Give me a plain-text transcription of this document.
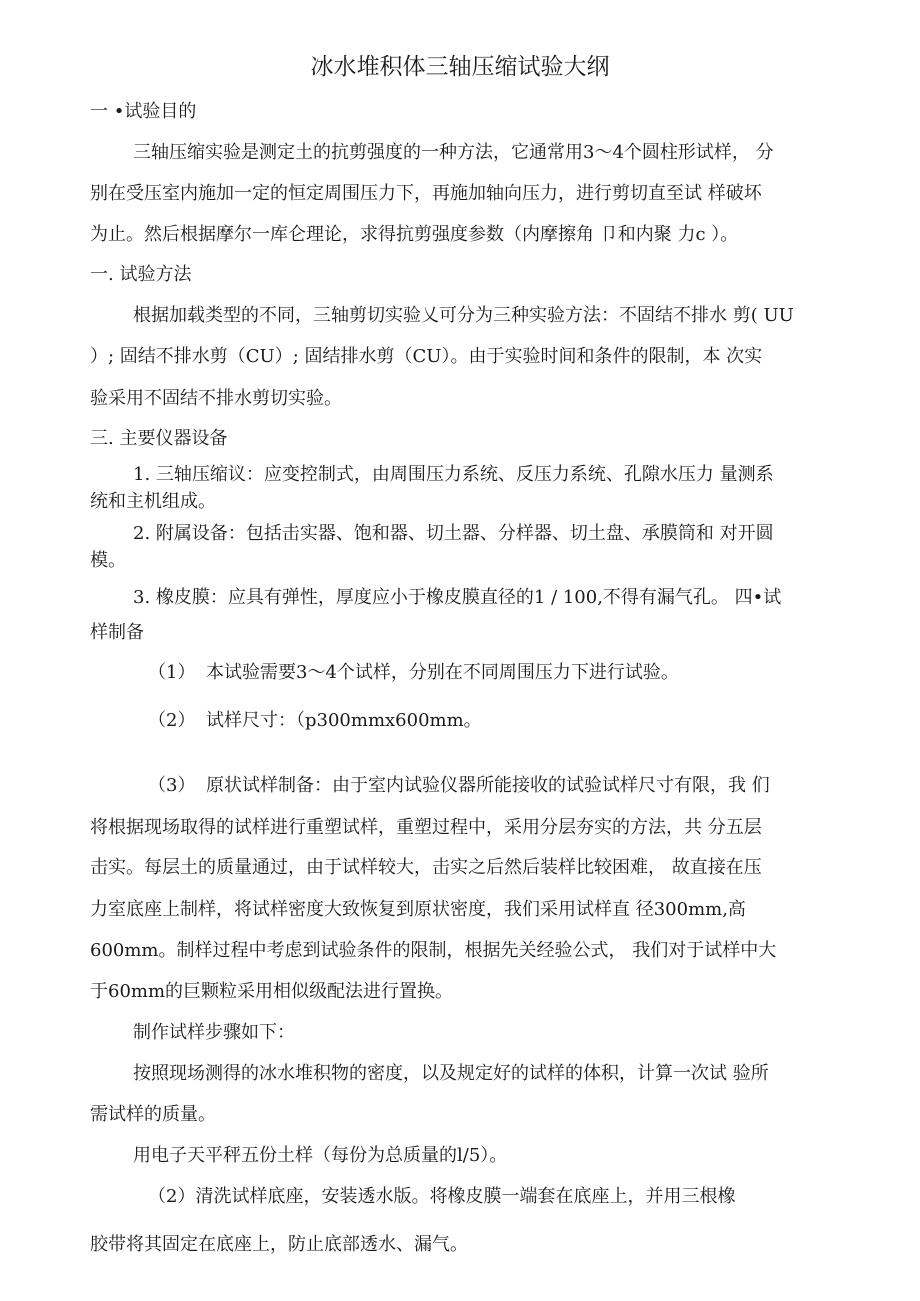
冰水堆积体三轴压缩试验大纲
一 •试验目的
三轴压缩实验是测定土的抗剪强度的一种方法，它通常用3〜4个圆柱形试样， 分
别在受压室内施加一定的恒定周围压力下，再施加轴向压力，进行剪切直至试 样破坏
为止。然后根据摩尔一库仑理论，求得抗剪强度参数（内摩擦角 卩和内聚 力c ）。
一. 试验方法
根据加载类型的不同，三轴剪切实验乂可分为三种实验方法：不固结不排水 剪( UU
）; 固结不排水剪（CU）; 固结排水剪（CU）。由于实验时间和条件的限制，本 次实
验采用不固结不排水剪切实验。
三. 主要仪器设备
1. 三轴压缩议：应变控制式，由周围压力系统、反压力系统、孔隙水压力 量测系
统和主机组成。
2. 附属设备：包括击实器、饱和器、切土器、分样器、切土盘、承膜筒和 对开圆
模。
3. 橡皮膜：应具有弹性，厚度应小于橡皮膜直径的1 / 100,不得有漏气孔。 四•试
样制备
（1） 本试验需要3〜4个试样，分别在不同周围压力下进行试验。
（2） 试样尺寸：（p300mmx600mm。
（3） 原状试样制备：由于室内试验仪器所能接收的试验试样尺寸有限，我 们
将根据现场取得的试样进行重塑试样，重塑过程中，采用分层夯实的方法，共 分五层
击实。每层土的质量通过，由于试样较大，击实之后然后装样比较困难， 故直接在压
力室底座上制样，将试样密度大致恢复到原状密度，我们采用试样直 径300mm,高
600mm。制样过程中考虑到试验条件的限制，根据先关经验公式， 我们对于试样中大
于60mm的巨颗粒采用相似级配法进行置换。
制作试样步骤如下：
按照现场测得的冰水堆积物的密度，以及规定好的试样的体积，计算一次试 验所
需试样的质量。
用电子天平秤五份土样（每份为总质量的l/5）。
（2）清洗试样底座，安装透水版。将橡皮膜一端套在底座上，并用三根橡
胶带将其固定在底座上，防止底部透水、漏气。
